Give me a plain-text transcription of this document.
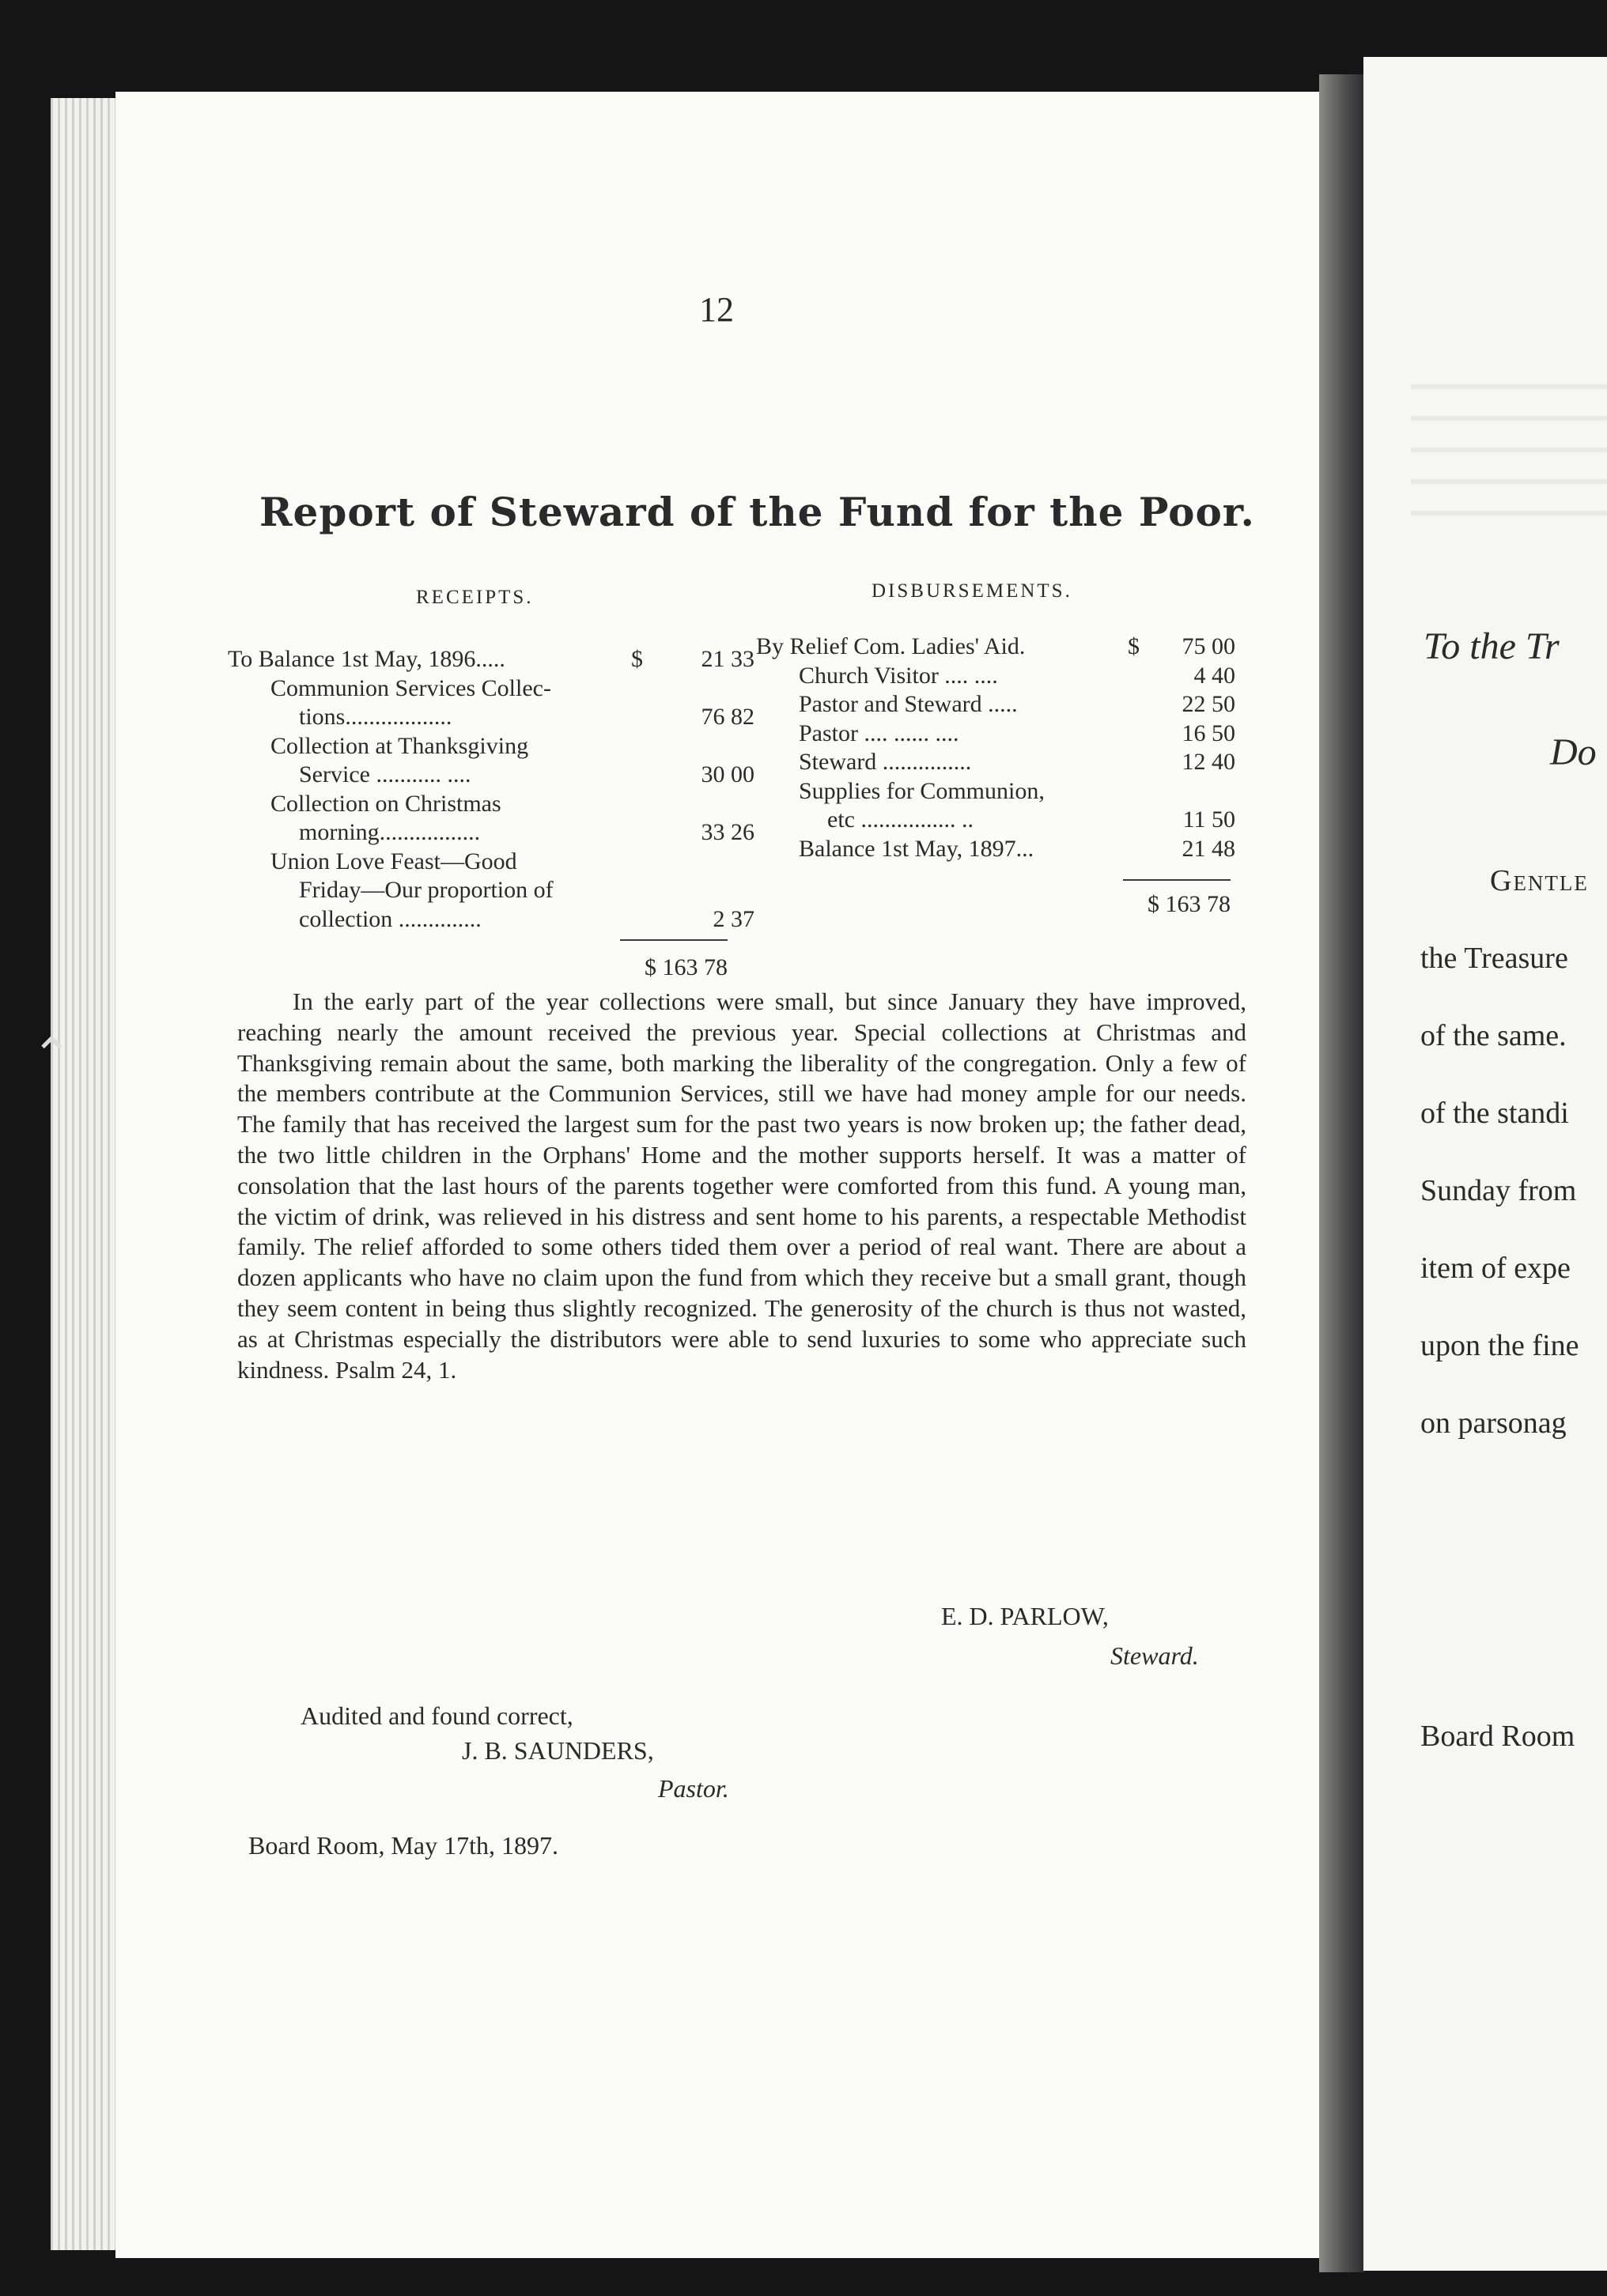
12
Report of Steward of the Fund for the Poor.
RECEIPTS.	DISBURSEMENTS.
To Balance 1st May, 1896.....	$	21 33
Communion Services Collec-
tions..................	76 82
Collection at Thanksgiving
Service ........... ....	30 00
Collection on Christmas
morning.................	33 26
Union Love Feast—Good
Friday—Our proportion of
collection ..............	2 37
$ 163 78
By Relief Com. Ladies' Aid.	$	75 00
Church Visitor .... ....	4 40
Pastor and Steward .....	22 50
Pastor .... ...... ....	16 50
Steward ...............	12 40
Supplies for Communion,
etc ................ ..	11 50
Balance 1st May, 1897...	21 48
$ 163 78

In the early part of the year collections were small, but since January they have improved, reaching nearly the amount received the previous year. Special collections at Christmas and Thanksgiving remain about the same, both marking the liberality of the congregation. Only a few of the members contribute at the Communion Services, still we have had money ample for our needs. The family that has received the largest sum for the past two years is now broken up; the father dead, the two little children in the Orphans' Home and the mother supports herself. It was a matter of consolation that the last hours of the parents together were comforted from this fund. A young man, the victim of drink, was relieved in his distress and sent home to his parents, a respectable Methodist family. The relief afforded to some others tided them over a period of real want. There are about a dozen applicants who have no claim upon the fund from which they receive but a small grant, though they seem content in being thus slightly recognized. The generosity of the church is thus not wasted, as at Christmas especially the distributors were able to send luxuries to some who appreciate such kindness. Psalm 24, 1.

E. D. PARLOW,
Steward.
Audited and found correct,
J. B. SAUNDERS,
Pastor.
Board Room, May 17th, 1897.
To the Tr
Do
Gentle
the Treasure
of the same.
of the standi
Sunday from
item of expe
upon the fine
on parsonag
Board Room
⌃
